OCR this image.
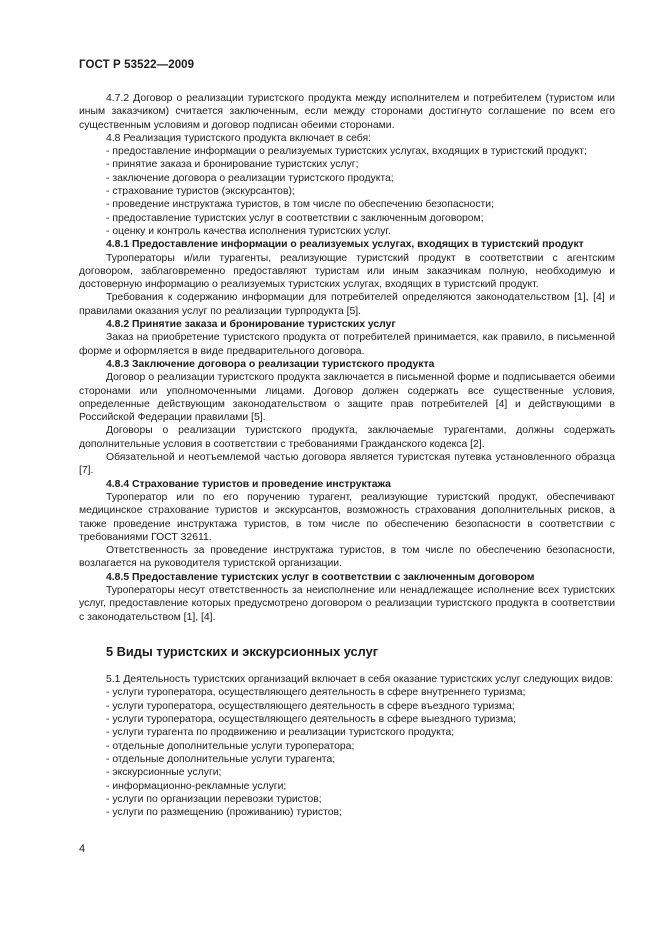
ГОСТ Р 53522—2009

4.7.2 Договор о реализации туристского продукта между исполнителем и потребителем (туристом или иным заказчиком) считается заключенным, если между сторонами достигнуто соглашение по всем его существенным условиям и договор подписан обеими сторонами.

4.8 Реализация туристского продукта включает в себя:

- предоставление информации о реализуемых туристских услугах, входящих в туристский продукт;

- принятие заказа и бронирование туристских услуг;

- заключение договора о реализации туристского продукта;

- страхование туристов (экскурсантов);

- проведение инструктажа туристов, в том числе по обеспечению безопасности;

- предоставление туристских услуг в соответствии с заключенным договором;

- оценку и контроль качества исполнения туристских услуг.

4.8.1 Предоставление информации о реализуемых услугах, входящих в туристский продукт

Туроператоры и/или турагенты, реализующие туристский продукт в соответствии с агентским договором, заблаговременно предоставляют туристам или иным заказчикам полную, необходимую и достоверную информацию о реализуемых туристских услугах, входящих в туристский продукт.

Требования к содержанию информации для потребителей определяются законодательством [1], [4] и правилами оказания услуг по реализации турпродукта [5].

4.8.2 Принятие заказа и бронирование туристских услуг

Заказ на приобретение туристского продукта от потребителей принимается, как правило, в письменной форме и оформляется в виде предварительного договора.

4.8.3 Заключение договора о реализации туристского продукта

Договор о реализации туристского продукта заключается в письменной форме и подписывается обеими сторонами или уполномоченными лицами. Договор должен содержать все существенные условия, определенные действующим законодательством о защите прав потребителей [4] и действующими в Российской Федерации правилами [5].

Договоры о реализации туристского продукта, заключаемые турагентами, должны содержать дополнительные условия в соответствии с требованиями Гражданского кодекса [2].

Обязательной и неотъемлемой частью договора является туристская путевка установленного образца [7].

4.8.4 Страхование туристов и проведение инструктажа

Туроператор или по его поручению турагент, реализующие туристский продукт, обеспечивают медицинское страхование туристов и экскурсантов, возможность страхования дополнительных рисков, а также проведение инструктажа туристов, в том числе по обеспечению безопасности в соответствии с требованиями ГОСТ 32611.

Ответственность за проведение инструктажа туристов, в том числе по обеспечению безопасности, возлагается на руководителя туристской организации.

4.8.5 Предоставление туристских услуг в соответствии с заключенным договором

Туроператоры несут ответственность за неисполнение или ненадлежащее исполнение всех туристских услуг, предоставление которых предусмотрено договором о реализации туристского продукта в соответствии с законодательством [1], [4].

5 Виды туристских и экскурсионных услуг

5.1 Деятельность туристских организаций включает в себя оказание туристских услуг следующих видов:

- услуги туроператора, осуществляющего деятельность в сфере внутреннего туризма;

- услуги туроператора, осуществляющего деятельность в сфере въездного туризма;

- услуги туроператора, осуществляющего деятельность в сфере выездного туризма;

- услуги турагента по продвижению и реализации туристского продукта;

- отдельные дополнительные услуги туроператора;

- отдельные дополнительные услуги турагента;

- экскурсионные услуги;

- информационно-рекламные услуги;

- услуги по организации перевозки туристов;

- услуги по размещению (проживанию) туристов;

4
